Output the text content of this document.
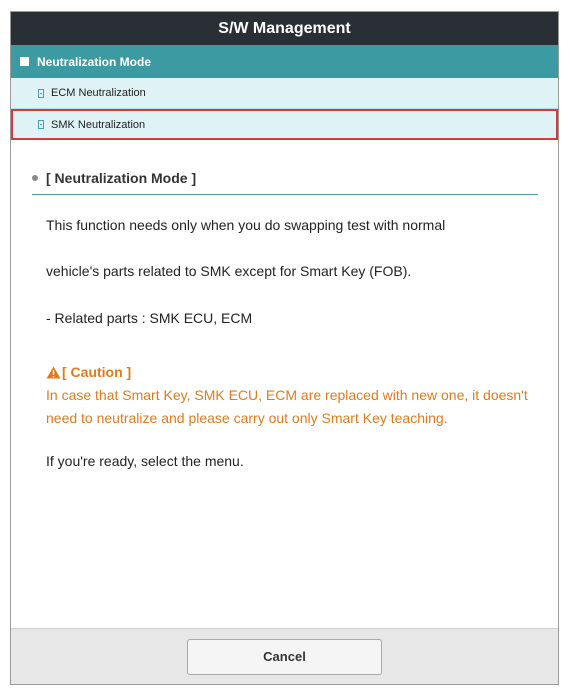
S/W Management
Neutralization Mode
ECM Neutralization
SMK Neutralization
[ Neutralization Mode ]

This function needs only when you do swapping test with normal

vehicle's parts related to SMK except for Smart Key (FOB).

- Related parts : SMK ECU, ECM

[ Caution ]
In case that Smart Key, SMK ECU, ECM are replaced with new one, it doesn't need to neutralize and please carry out only Smart Key teaching.

If you're ready, select the menu.

Cancel
